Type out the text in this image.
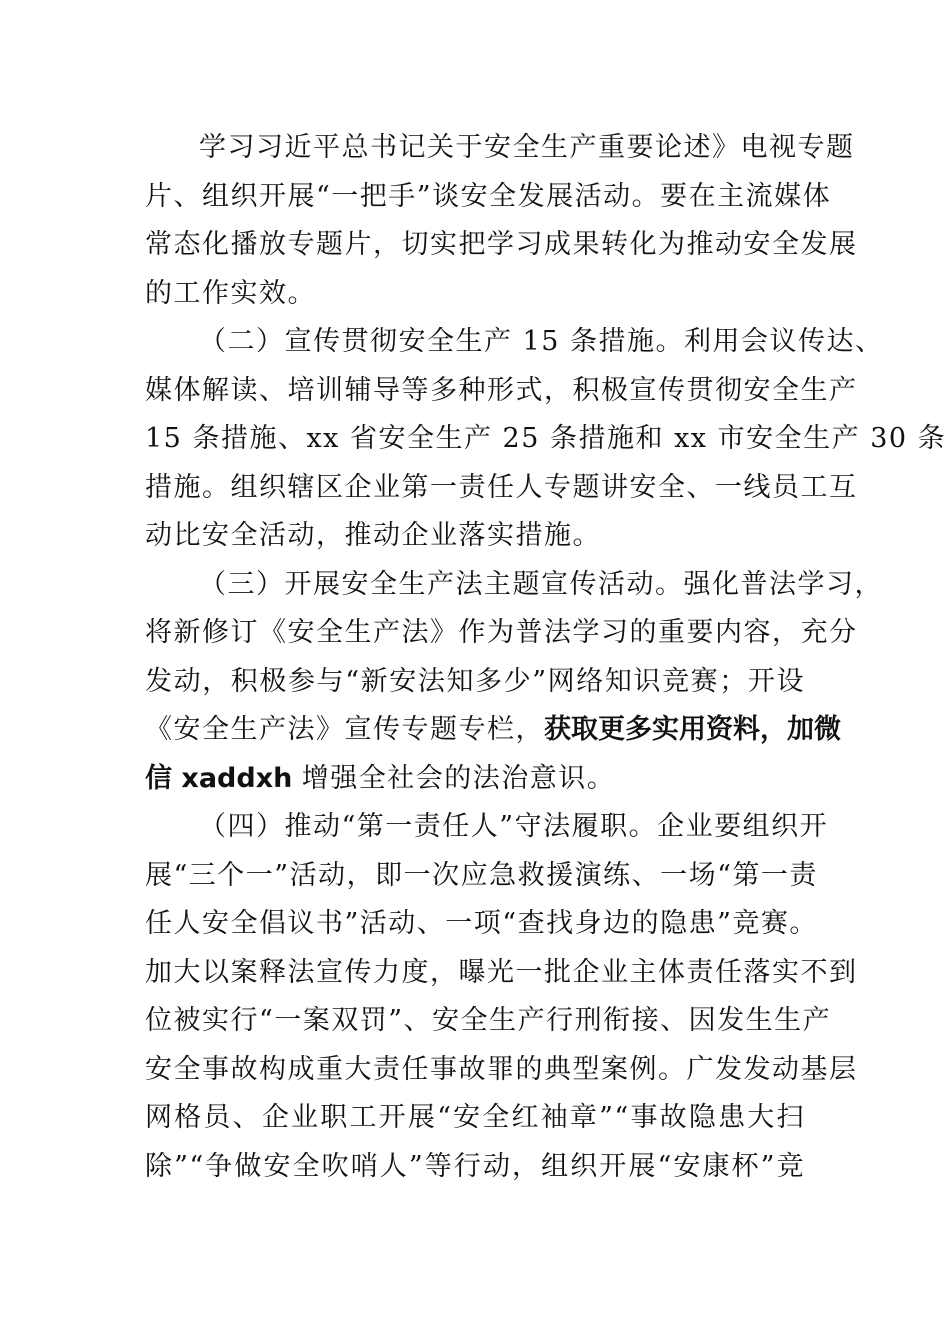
学习习近平总书记关于安全生产重要论述》电视专题
片、组织开展“一把手”谈安全发展活动。要在主流媒体
常态化播放专题片，切实把学习成果转化为推动安全发展
的工作实效。
（二）宣传贯彻安全生产 15 条措施。利用会议传达、
媒体解读、培训辅导等多种形式，积极宣传贯彻安全生产
15 条措施、xx 省安全生产 25 条措施和 xx 市安全生产 30 条
措施。组织辖区企业第一责任人专题讲安全、一线员工互
动比安全活动，推动企业落实措施。
（三）开展安全生产法主题宣传活动。强化普法学习，
将新修订《安全生产法》作为普法学习的重要内容，充分
发动，积极参与“新安法知多少”网络知识竞赛；开设
《安全生产法》宣传专题专栏，获取更多实用资料，加微
信 xaddxh 增强全社会的法治意识。
（四）推动“第一责任人”守法履职。企业要组织开
展“三个一”活动，即一次应急救援演练、一场“第一责
任人安全倡议书”活动、一项“查找身边的隐患”竞赛。
加大以案释法宣传力度，曝光一批企业主体责任落实不到
位被实行“一案双罚”、安全生产行刑衔接、因发生生产
安全事故构成重大责任事故罪的典型案例。广发发动基层
网格员、企业职工开展“安全红袖章”“事故隐患大扫
除”“争做安全吹哨人”等行动，组织开展“安康杯”竞
